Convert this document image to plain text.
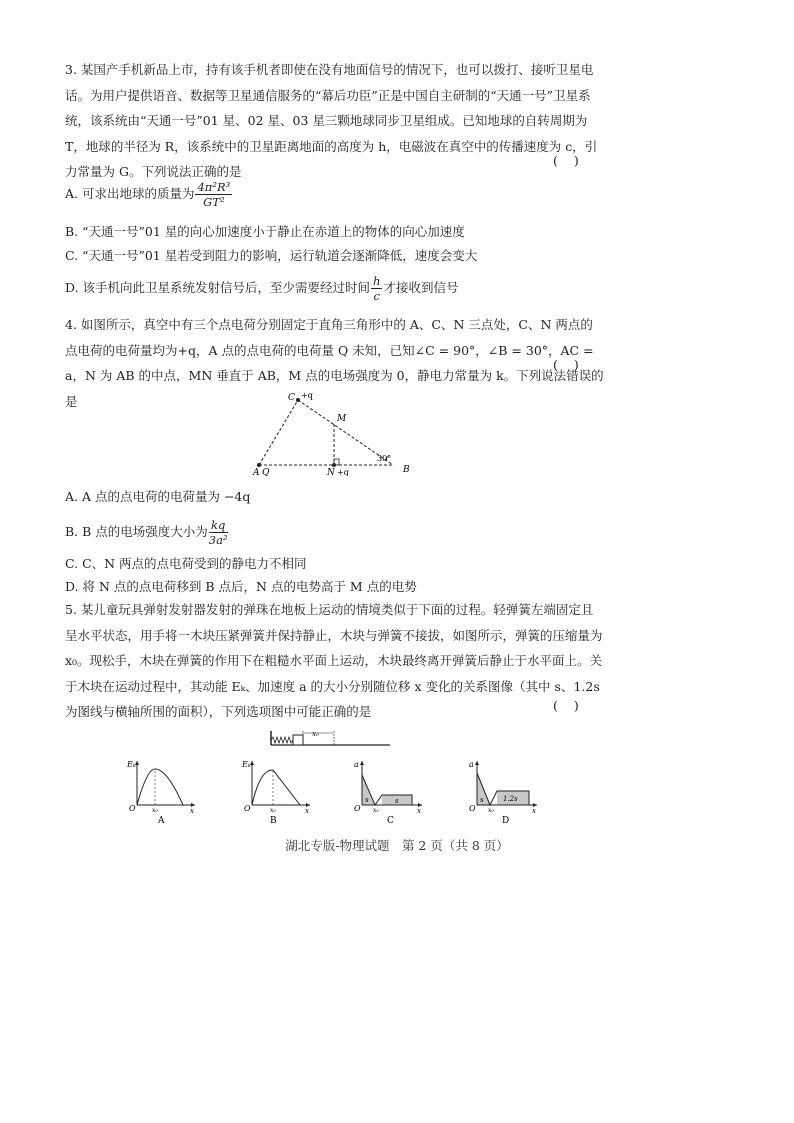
3. 某国产手机新品上市，持有该手机者即使在没有地面信号的情况下，也可以拨打、接听卫星电话。为用户提供语音、数据等卫星通信服务的“幕后功臣”正是中国自主研制的“天通一号”卫星系统，该系统由“天通一号”01 星、02 星、03 星三颗地球同步卫星组成。已知地球的自转周期为 T，地球的半径为 R，该系统中的卫星距离地面的高度为 h，电磁波在真空中的传播速度为 c，引力常量为 G。下列说法正确的是

( )
A. 可求出地球的质量为 $\frac{\text{4π²R³}}{\text{GT²}}$
B. “天通一号”01 星的向心加速度小于静止在赤道上的物体的向心加速度
C. “天通一号”01 星若受到阻力的影响，运行轨道会逐渐降低，速度会变大
D. 该手机向此卫星系统发射信号后，至少需要经过时间 $\frac{h}{c}$ 才接收到信号

4. 如图所示，真空中有三个点电荷分别固定于直角三角形中的 A、C、N 三点处，C、N 两点的点电荷的电荷量均为+q，A 点的点电荷的电荷量 Q 未知，已知∠C = 90°，∠B = 30°，AC = a，N 为 AB 的中点，MN 垂直于 AB，M 点的电场强度为 0，静电力常量为 k。下列说法错误的是

( )
C +q
M
A Q	N +q	B
30°
A. A 点的点电荷的电荷量为 −4q
B. B 点的电场强度大小为 $\frac{kq}{\text{3a²}}$
C. C、N 两点的点电荷受到的静电力不相同
D. 将 N 点的点电荷移到 B 点后，N 点的电势高于 M 点的电势

5. 某儿童玩具弹射发射器发射的弹珠在地板上运动的情境类似于下面的过程。轻弹簧左端固定且呈水平状态，用手将一木块压紧弹簧并保持静止，木块与弹簧不接拔，如图所示，弹簧的压缩量为 x₀。现松手，木块在弹簧的作用下在粗糙水平面上运动，木块最终离开弹簧后静止于水平面上。关于木块在运动过程中，其动能 Eₖ、加速度 a 的大小分别随位移 x 变化的关系图像（其中 s、1.2s 为图线与横轴所围的面积），下列选项图中可能正确的是	( )
x₀
Eₖ
O	x₀	x
A
Eₖ
O	x₀	x
B
a
O x₀
s	s
x
C
a
O x₀
s	1.2s
x
D
湖北专版-物理试题　第 2 页（共 8 页）
